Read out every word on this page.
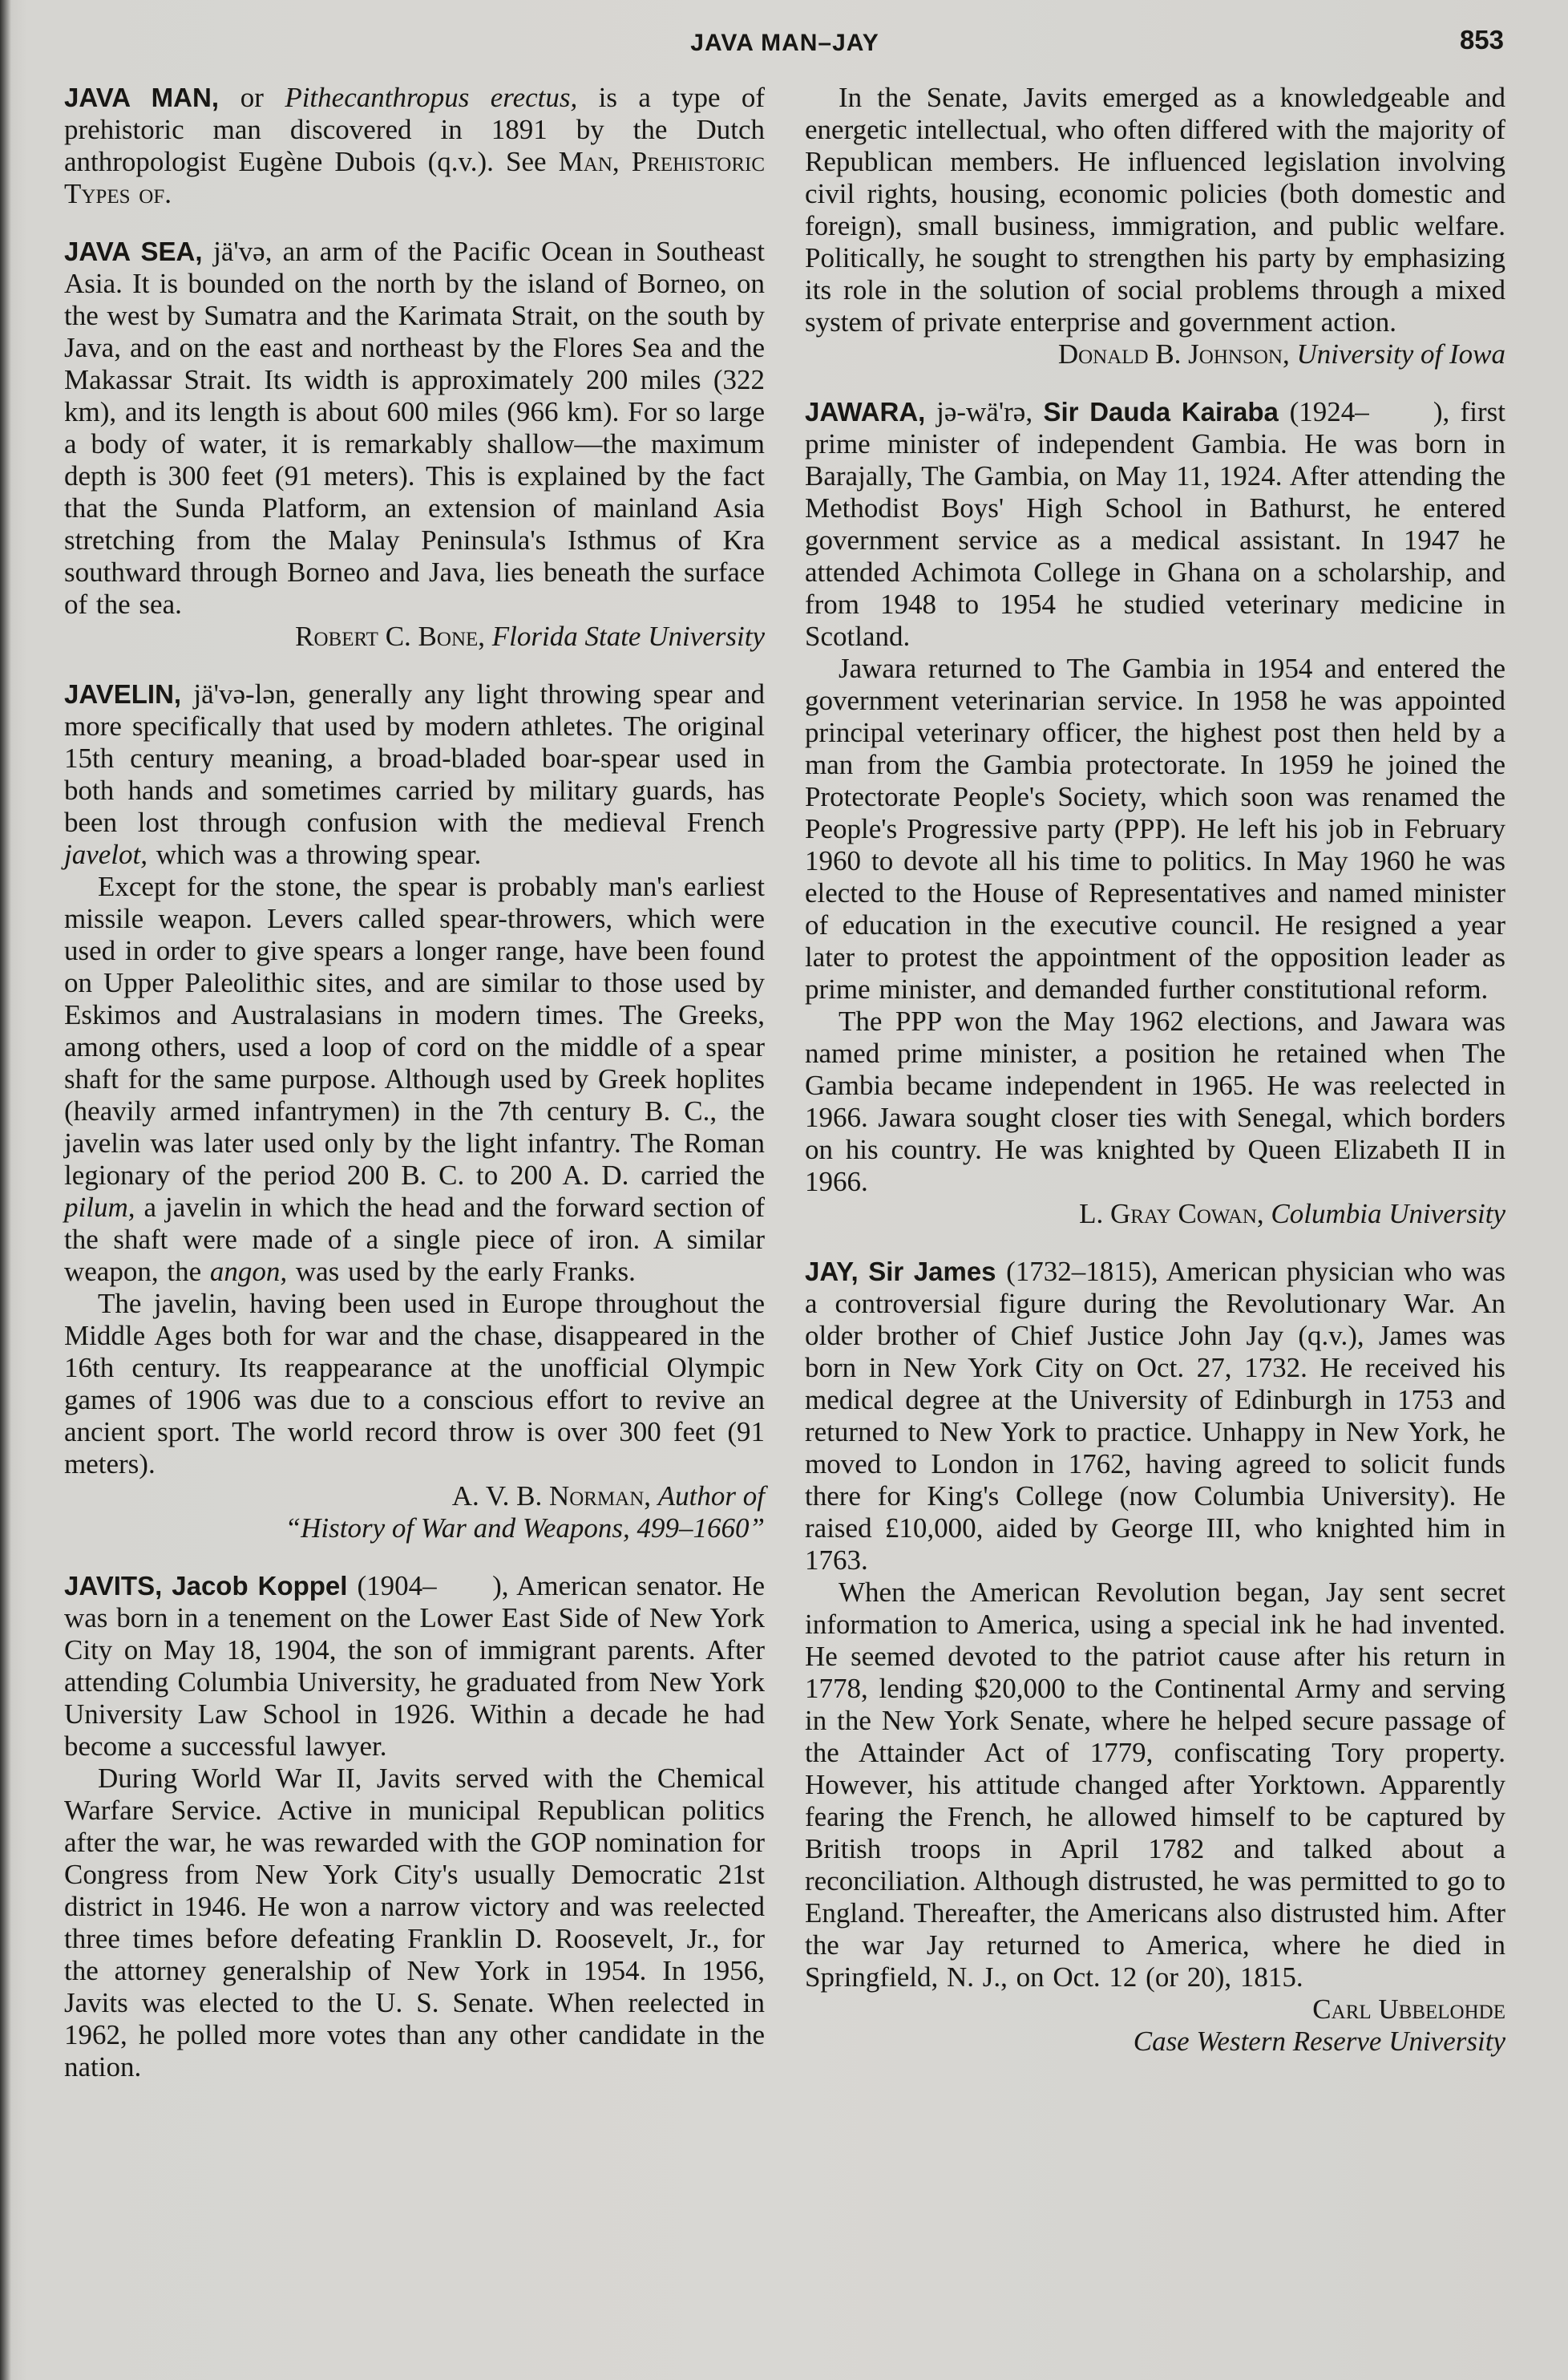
JAVA MAN–JAY	853

JAVA MAN, or Pithecanthropus erectus, is a type of prehistoric man discovered in 1891 by the Dutch anthropologist Eugène Dubois (q.v.). See Man, Prehistoric Types of.

JAVA SEA, jä'və, an arm of the Pacific Ocean in Southeast Asia. It is bounded on the north by the island of Borneo, on the west by Sumatra and the Karimata Strait, on the south by Java, and on the east and northeast by the Flores Sea and the Makassar Strait. Its width is approximately 200 miles (322 km), and its length is about 600 miles (966 km). For so large a body of water, it is remarkably shallow—the maximum depth is 300 feet (91 meters). This is explained by the fact that the Sunda Platform, an extension of mainland Asia stretching from the Malay Peninsula's Isthmus of Kra southward through Borneo and Java, lies beneath the surface of the sea.

Robert C. Bone, Florida State University

JAVELIN, jä'və-lən, generally any light throwing spear and more specifically that used by modern athletes. The original 15th century meaning, a broad-bladed boar-spear used in both hands and sometimes carried by military guards, has been lost through confusion with the medieval French javelot, which was a throwing spear.

Except for the stone, the spear is probably man's earliest missile weapon. Levers called spear-throwers, which were used in order to give spears a longer range, have been found on Upper Paleolithic sites, and are similar to those used by Eskimos and Australasians in modern times. The Greeks, among others, used a loop of cord on the middle of a spear shaft for the same purpose. Although used by Greek hoplites (heavily armed infantrymen) in the 7th century B. C., the javelin was later used only by the light infantry. The Roman legionary of the period 200 B. C. to 200 A. D. carried the pilum, a javelin in which the head and the forward section of the shaft were made of a single piece of iron. A similar weapon, the angon, was used by the early Franks.

The javelin, having been used in Europe throughout the Middle Ages both for war and the chase, disappeared in the 16th century. Its reappearance at the unofficial Olympic games of 1906 was due to a conscious effort to revive an ancient sport. The world record throw is over 300 feet (91 meters).

A. V. B. Norman, Author of

“History of War and Weapons, 499–1660”

JAVITS, Jacob Koppel (1904–      ), American senator. He was born in a tenement on the Lower East Side of New York City on May 18, 1904, the son of immigrant parents. After attending Columbia University, he graduated from New York University Law School in 1926. Within a decade he had become a successful lawyer.

During World War II, Javits served with the Chemical Warfare Service. Active in municipal Republican politics after the war, he was rewarded with the GOP nomination for Congress from New York City's usually Democratic 21st district in 1946. He won a narrow victory and was reelected three times before defeating Franklin D. Roosevelt, Jr., for the attorney generalship of New York in 1954. In 1956, Javits was elected to the U. S. Senate. When reelected in 1962, he polled more votes than any other candidate in the nation.

In the Senate, Javits emerged as a knowledgeable and energetic intellectual, who often differed with the majority of Republican members. He influenced legislation involving civil rights, housing, economic policies (both domestic and foreign), small business, immigration, and public welfare. Politically, he sought to strengthen his party by emphasizing its role in the solution of social problems through a mixed system of private enterprise and government action.

Donald B. Johnson, University of Iowa

JAWARA, jə-wä'rə, Sir Dauda Kairaba (1924–      ), first prime minister of independent Gambia. He was born in Barajally, The Gambia, on May 11, 1924. After attending the Methodist Boys' High School in Bathurst, he entered government service as a medical assistant. In 1947 he attended Achimota College in Ghana on a scholarship, and from 1948 to 1954 he studied veterinary medicine in Scotland.

Jawara returned to The Gambia in 1954 and entered the government veterinarian service. In 1958 he was appointed principal veterinary officer, the highest post then held by a man from the Gambia protectorate. In 1959 he joined the Protectorate People's Society, which soon was renamed the People's Progressive party (PPP). He left his job in February 1960 to devote all his time to politics. In May 1960 he was elected to the House of Representatives and named minister of education in the executive council. He resigned a year later to protest the appointment of the opposition leader as prime minister, and demanded further constitutional reform.

The PPP won the May 1962 elections, and Jawara was named prime minister, a position he retained when The Gambia became independent in 1965. He was reelected in 1966. Jawara sought closer ties with Senegal, which borders on his country. He was knighted by Queen Elizabeth II in 1966.

L. Gray Cowan, Columbia University

JAY, Sir James (1732–1815), American physician who was a controversial figure during the Revolutionary War. An older brother of Chief Justice John Jay (q.v.), James was born in New York City on Oct. 27, 1732. He received his medical degree at the University of Edinburgh in 1753 and returned to New York to practice. Unhappy in New York, he moved to London in 1762, having agreed to solicit funds there for King's College (now Columbia University). He raised £10,000, aided by George III, who knighted him in 1763.

When the American Revolution began, Jay sent secret information to America, using a special ink he had invented. He seemed devoted to the patriot cause after his return in 1778, lending $20,000 to the Continental Army and serving in the New York Senate, where he helped secure passage of the Attainder Act of 1779, confiscating Tory property. However, his attitude changed after Yorktown. Apparently fearing the French, he allowed himself to be captured by British troops in April 1782 and talked about a reconciliation. Although distrusted, he was permitted to go to England. Thereafter, the Americans also distrusted him. After the war Jay returned to America, where he died in Springfield, N. J., on Oct. 12 (or 20), 1815.

Carl Ubbelohde

Case Western Reserve University
